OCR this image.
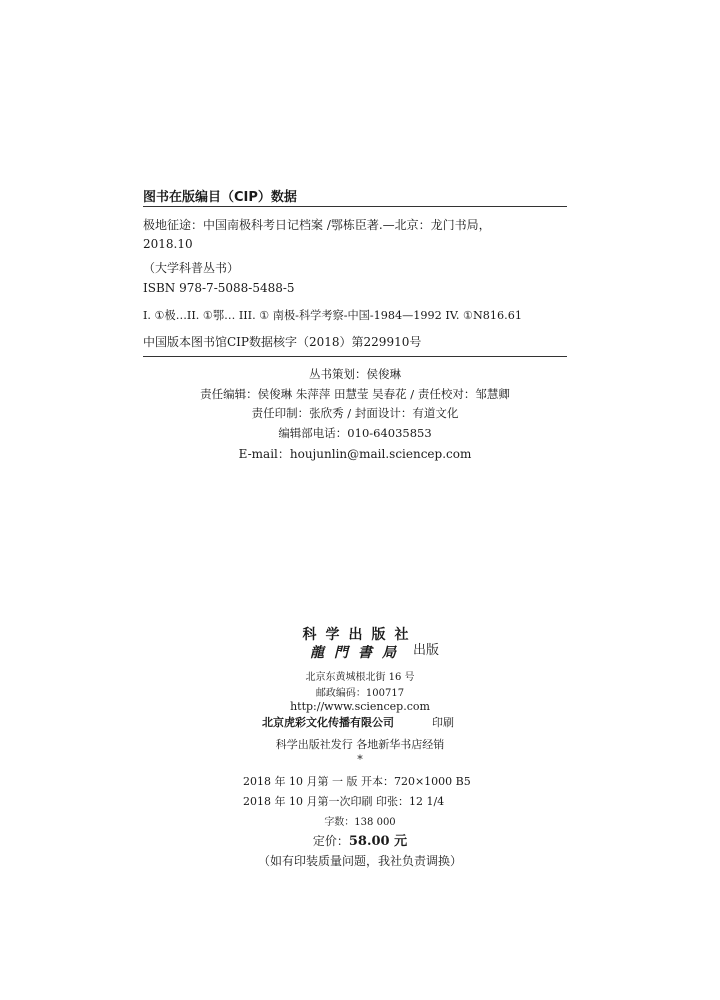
图书在版编目（CIP）数据
极地征途：中国南极科考日记档案 /鄂栋臣著.—北京：龙门书局，
2018.10
（大学科普丛书）
ISBN 978-7-5088-5488-5
I. ①极…II. ①鄂… III. ① 南极-科学考察-中国-1984—1992 IV. ①N816.61
中国版本图书馆CIP数据核字（2018）第229910号
丛书策划：侯俊琳
责任编辑：侯俊琳 朱萍萍 田慧莹 吴春花 / 责任校对：邹慧卿
责任印制：张欣秀 / 封面设计：有道文化
编辑部电话：010-64035853
E-mail：houjunlin@mail.sciencep.com
科学出版社
龍門書局 出版
北京东黄城根北街 16 号
邮政编码：100717
http://www.sciencep.com
北京虎彩文化传播有限公司	印刷
科学出版社发行 各地新华书店经销
*
2018 年 10 月第 一 版 开本：720×1000 B5
2018 年 10 月第一次印刷 印张：12 1/4
字数：138 000
定价：58.00 元
（如有印装质量问题，我社负责调换）
